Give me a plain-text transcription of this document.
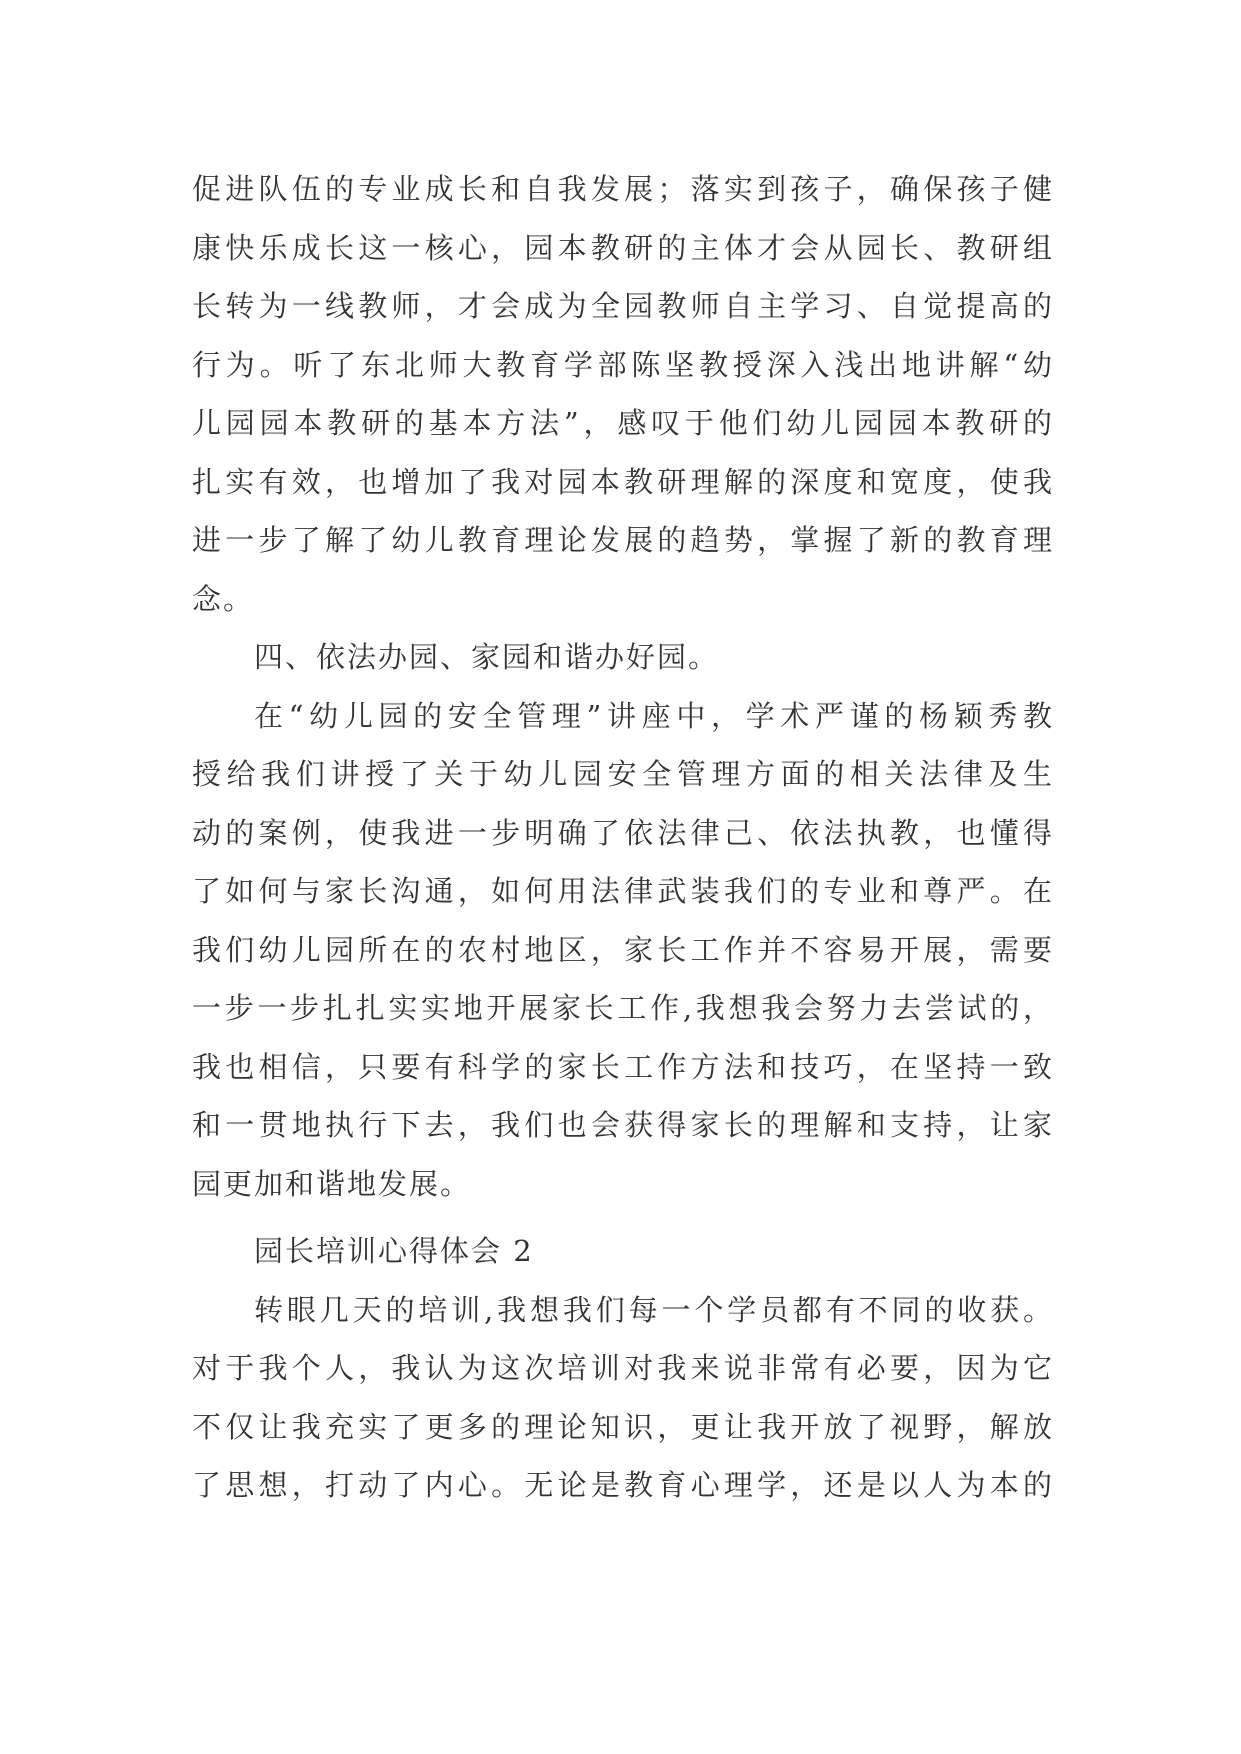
促进队伍的专业成长和自我发展；落实到孩子，确保孩子健
康快乐成长这一核心，园本教研的主体才会从园长、教研组
长转为一线教师，才会成为全园教师自主学习、自觉提高的
行为。听了东北师大教育学部陈坚教授深入浅出地讲解“幼
儿园园本教研的基本方法”，感叹于他们幼儿园园本教研的
扎实有效，也增加了我对园本教研理解的深度和宽度，使我
进一步了解了幼儿教育理论发展的趋势，掌握了新的教育理
念。

四、依法办园、家园和谐办好园。

在“幼儿园的安全管理”讲座中，学术严谨的杨颖秀教
授给我们讲授了关于幼儿园安全管理方面的相关法律及生
动的案例，使我进一步明确了依法律己、依法执教，也懂得
了如何与家长沟通，如何用法律武装我们的专业和尊严。在
我们幼儿园所在的农村地区，家长工作并不容易开展，需要
一步一步扎扎实实地开展家长工作,我想我会努力去尝试的，
我也相信，只要有科学的家长工作方法和技巧，在坚持一致
和一贯地执行下去，我们也会获得家长的理解和支持，让家
园更加和谐地发展。

园长培训心得体会 2

转眼几天的培训,我想我们每一个学员都有不同的收获。
对于我个人，我认为这次培训对我来说非常有必要，因为它
不仅让我充实了更多的理论知识，更让我开放了视野，解放
了思想，打动了内心。无论是教育心理学，还是以人为本的
